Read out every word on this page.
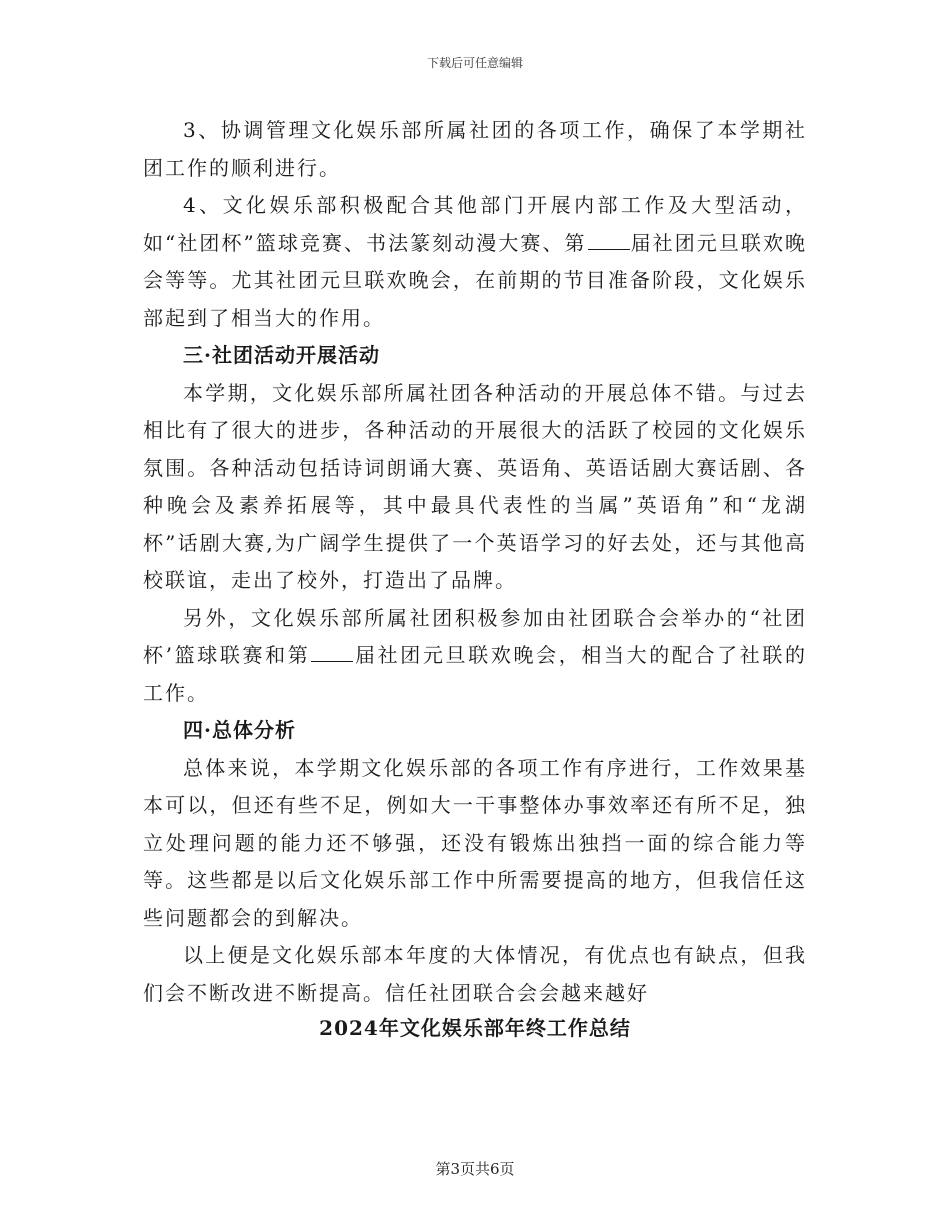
下载后可任意编辑

3、协调管理文化娱乐部所属社团的各项工作，确保了本学期社团工作的顺利进行。

4、文化娱乐部积极配合其他部门开展内部工作及大型活动，如“社团杯”篮球竞赛、书法篆刻动漫大赛、第 届社团元旦联欢晚会等等。尤其社团元旦联欢晚会，在前期的节目准备阶段，文化娱乐部起到了相当大的作用。

三·社团活动开展活动

本学期，文化娱乐部所属社团各种活动的开展总体不错。与过去相比有了很大的进步，各种活动的开展很大的活跃了校园的文化娱乐氛围。各种活动包括诗词朗诵大赛、英语角、英语话剧大赛话剧、各种晚会及素养拓展等，其中最具代表性的当属”英语角”和“龙湖杯”话剧大赛,为广阔学生提供了一个英语学习的好去处，还与其他高校联谊，走出了校外，打造出了品牌。

另外，文化娱乐部所属社团积极参加由社团联合会举办的“社团杯’篮球联赛和第 届社团元旦联欢晚会，相当大的配合了社联的工作。

四·总体分析

总体来说，本学期文化娱乐部的各项工作有序进行，工作效果基本可以，但还有些不足，例如大一干事整体办事效率还有所不足，独立处理问题的能力还不够强，还没有锻炼出独挡一面的综合能力等等。这些都是以后文化娱乐部工作中所需要提高的地方，但我信任这些问题都会的到解决。

以上便是文化娱乐部本年度的大体情况，有优点也有缺点，但我们会不断改进不断提高。信任社团联合会会越来越好

2024年文化娱乐部年终工作总结
第3页共6页
